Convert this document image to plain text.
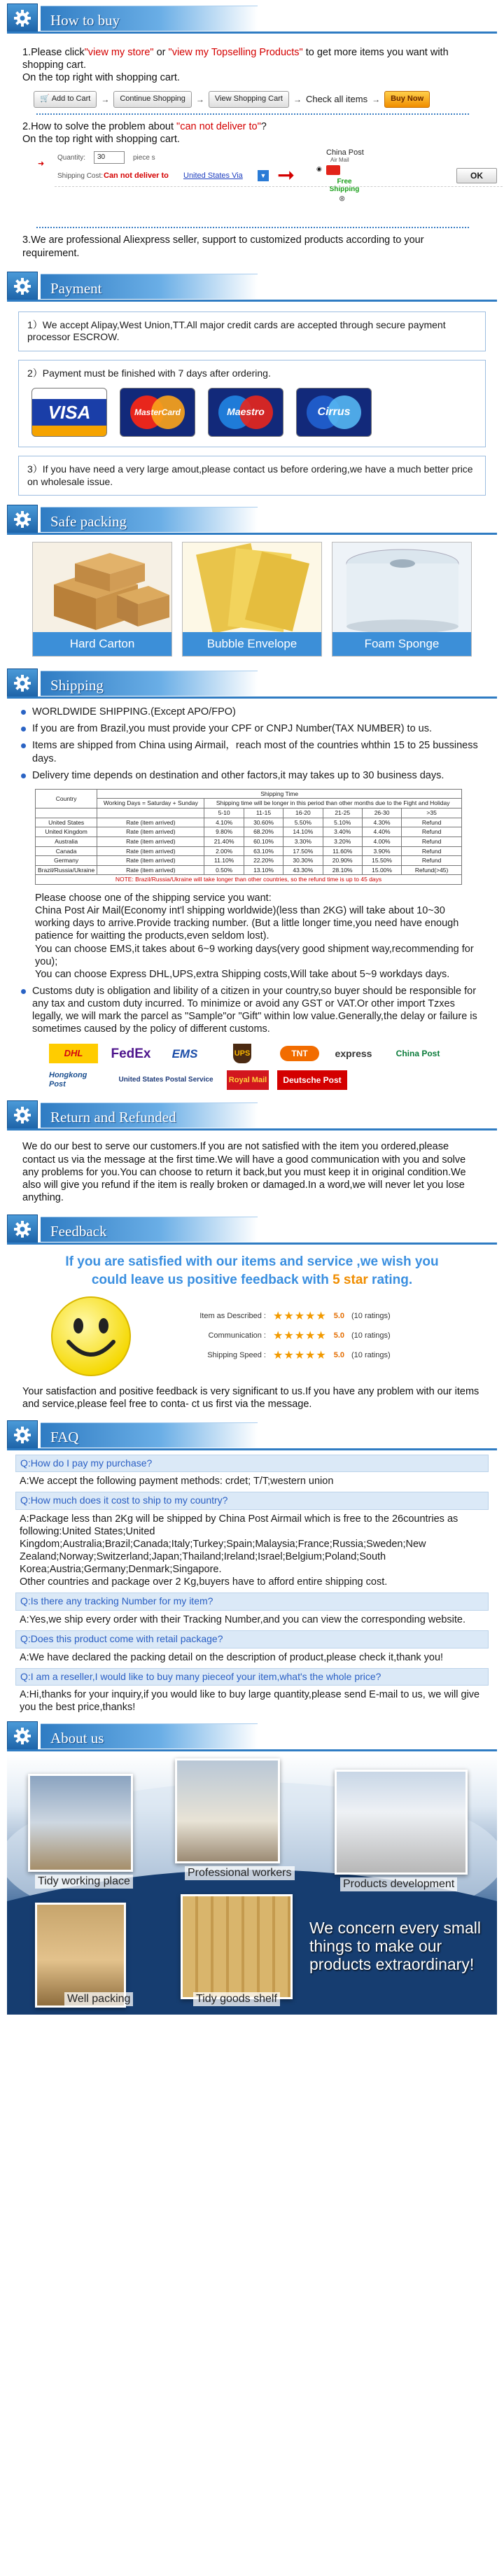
How to buy

1.Please click"view my store" or "view my Topselling Products" to get more items you want with shopping cart.
On the top right with shopping cart.

🛒 Add to Cart →	Continue Shopping	→	View Shopping Cart	→ Check all items →	Buy Now

2.How to solve the problem about "can not deliver to"?
On the top right with shopping cart.

➜
Quantity:	30	piece s
Shipping Cost: Can not deliver to United States Via	▼ ➞
China Post
Air Mail
◉
Free Shipping
⊗
OK

3.We are professional Aliexpress seller, support to customized products according to your requirement.

Payment
1）We accept Alipay,West Union,TT.All major credit cards are accepted through secure payment processor ESCROW.
2）Payment must be finished with 7 days after ordering.
VISA	MasterCard	Maestro	Cirrus
3）If you have need a very large amout,please contact us before ordering,we have a much better price on wholesale issue.
Safe packing
Hard Carton	Bubble Envelope	Foam Sponge
Shipping
WORLDWIDE SHIPPING.(Except APO/FPO)
If you are from Brazil,you must provide your CPF or CNPJ Number(TAX NUMBER) to us.
Items are shipped from China using Airmail，reach most of the countries whthin 15 to 25 bussiness days.
Delivery time depends on destination and other factors,it may takes up to 30 business days.
Country	Shipping Time						
	Working Days = Saturday + Sunday	Shipping time will be longer in this period than other months due to the Fight and Holiday					
		5-10	11-15	16-20	21-25	26-30	>35
United States	Rate (item arrived)	4.10%	30.60%	5.50%	5.10%	4.30%	Refund
United Kingdom	Rate (item arrived)	9.80%	68.20%	14.10%	3.40%	4.40%	Refund
Australia	Rate (item arrived)	21.40%	60.10%	3.30%	3.20%	4.00%	Refund
Canada	Rate (item arrived)	2.00%	63.10%	17.50%	11.60%	3.90%	Refund
Germany	Rate (item arrived)	11.10%	22.20%	30.30%	20.90%	15.50%	Refund
Brazil/Russia/Ukraine	Rate (item arrived)	0.50%	13.10%	43.30%	28.10%	15.00%	Refund(>45)
NOTE: Brazil/Russia/Ukraine will take longer than other countries, so the refund time is up to 45 days							
Please choose one of the shipping service you want:
China Post Air Mail(Economy int'l shipping worldwide)(less than 2KG) will take about 10~30 working days to arrive.Provide tracking number. (But a little longer time,you need have enough patience for waitting the products,even seldom lost).
You can choose EMS,it takes about 6~9 working days(very good shipment way,recommending for you);
You can choose Express DHL,UPS,extra Shipping costs,Will take about 5~9 workdays days.
Customs duty is obligation and libility of a citizen in your country,so buyer should be responsible for any tax and custom duty incurred. To minimize or avoid any GST or VAT.Or other import Tzxes legally, we will mark the parcel as "Sample"or "Gift" within low value.Generally,the delay or failure is sometimes caused by the policy of different customs.
DHL	FedEx	EMS	UPS	TNT	express	China Post
Hongkong Post
United States Postal Service	Royal Mail	Deutsche Post
Return and Refunded

We do our best to serve our customers.If you are not satisfied with the item you ordered,please contact us via the message at the first time.We will have a good communication with you and solve any problems for you.You can choose to return it back,but you must keep it in original condition.We also will give you refund if the item is really broken or damaged.In a word,we will never let you lose anything.

Feedback
If you are satisfied with our items and service ,we wish you
could leave us positive feedback with 5 star rating.
Item as Described : ★★★★★ 5.0 (10 ratings)
Communication : ★★★★★ 5.0 (10 ratings)
Shipping Speed : ★★★★★ 5.0 (10 ratings)

Your satisfaction and positive feedback is very significant to us.If you have any problem with our items and service,please feel free to conta- ct us first via the message.

FAQ
Q:How do I pay my purchase?
A:We accept the following payment methods: crdet; T/T;western union
Q:How much does it cost to ship to my country?
A:Package less than 2Kg will be shipped by China Post Airmail which is free to the 26countries as following:United States;United Kingdom;Australia;Brazil;Canada;Italy;Turkey;Spain;Malaysia;France;Russia;Sweden;New Zealand;Norway;Switzerland;Japan;Thailand;Ireland;Israel;Belgium;Poland;South Korea;Austria;Germany;Denmark;Singapore.
Other countries and package over 2 Kg,buyers have to afford entire shipping cost.
Q:Is there any tracking Number for my item?
A:Yes,we ship every order with their Tracking Number,and you can view the corresponding website.
Q:Does this product come with retail package?
A:We have declared the packing detail on the description of product,please check it,thank you!
Q:I am a reseller,I would like to buy many pieceof your item,what's the whole price?
A:Hi,thanks for your inquiry,if you would like to buy large quantity,please send E-mail to us, we will give you the best price,thanks!
About us
Tidy working place
Professional workers
Products development
Well packing	Tidy goods shelf
We concern every small things to make our products extraordinary!
